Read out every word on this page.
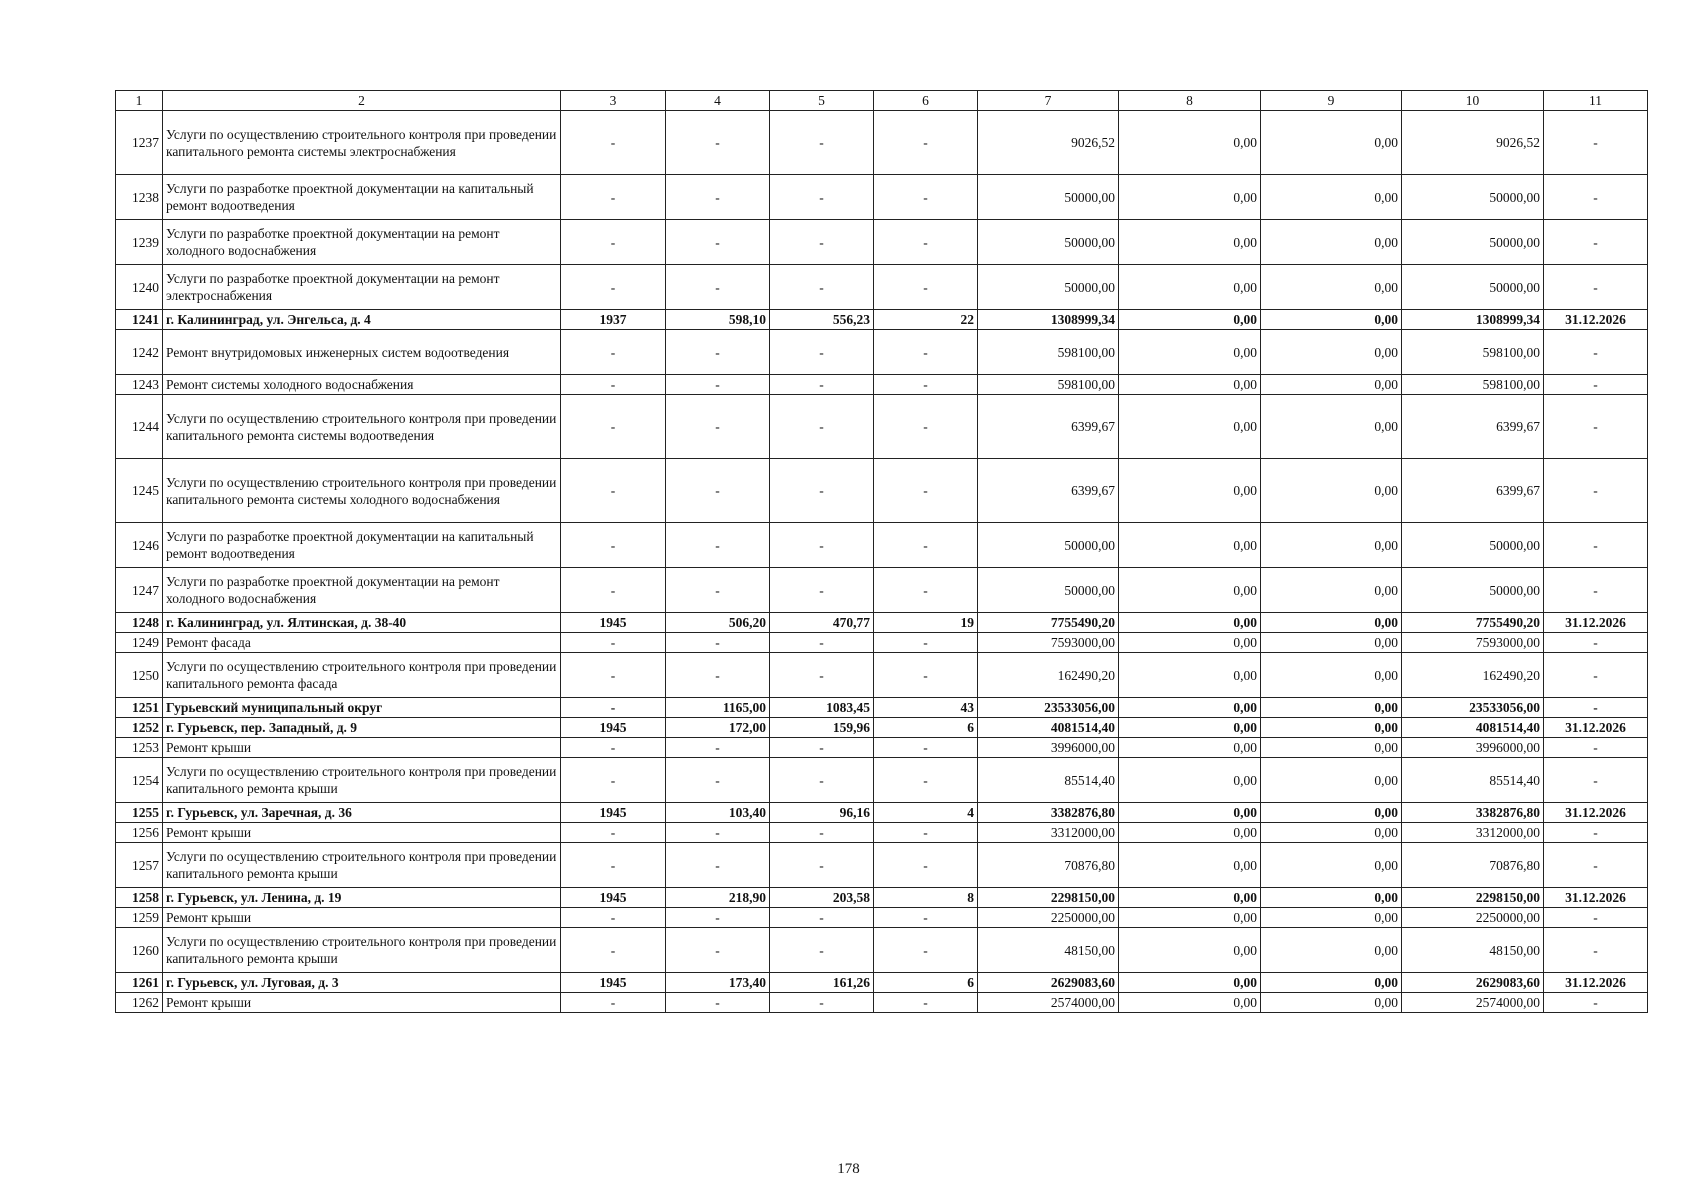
1	2	3	4	5	6	7	8	9	10	11
1237	Услуги по осуществлению строительного контроля при проведении капитального ремонта системы электроснабжения	-	-	-	-	9026,52	0,00	0,00	9026,52	-
1238	Услуги по разработке проектной документации на капитальный ремонт водоотведения	-	-	-	-	50000,00	0,00	0,00	50000,00	-
1239	Услуги по разработке проектной документации на ремонт холодного водоснабжения	-	-	-	-	50000,00	0,00	0,00	50000,00	-
1240	Услуги по разработке проектной документации на ремонт электроснабжения	-	-	-	-	50000,00	0,00	0,00	50000,00	-
1241	г. Калининград, ул. Энгельса, д. 4	1937	598,10	556,23	22	1308999,34	0,00	0,00	1308999,34	31.12.2026
1242	Ремонт внутридомовых инженерных систем водоотведения	-	-	-	-	598100,00	0,00	0,00	598100,00	-
1243	Ремонт системы холодного водоснабжения	-	-	-	-	598100,00	0,00	0,00	598100,00	-
1244	Услуги по осуществлению строительного контроля при проведении капитального ремонта системы водоотведения	-	-	-	-	6399,67	0,00	0,00	6399,67	-
1245	Услуги по осуществлению строительного контроля при проведении капитального ремонта системы холодного водоснабжения	-	-	-	-	6399,67	0,00	0,00	6399,67	-
1246	Услуги по разработке проектной документации на капитальный ремонт водоотведения	-	-	-	-	50000,00	0,00	0,00	50000,00	-
1247	Услуги по разработке проектной документации на ремонт холодного водоснабжения	-	-	-	-	50000,00	0,00	0,00	50000,00	-
1248	г. Калининград, ул. Ялтинская, д. 38-40	1945	506,20	470,77	19	7755490,20	0,00	0,00	7755490,20	31.12.2026
1249	Ремонт фасада	-	-	-	-	7593000,00	0,00	0,00	7593000,00	-
1250	Услуги по осуществлению строительного контроля при проведении капитального ремонта фасада	-	-	-	-	162490,20	0,00	0,00	162490,20	-
1251	Гурьевский муниципальный округ	-	1165,00	1083,45	43	23533056,00	0,00	0,00	23533056,00	-
1252	г. Гурьевск, пер. Западный, д. 9	1945	172,00	159,96	6	4081514,40	0,00	0,00	4081514,40	31.12.2026
1253	Ремонт крыши	-	-	-	-	3996000,00	0,00	0,00	3996000,00	-
1254	Услуги по осуществлению строительного контроля при проведении капитального ремонта крыши	-	-	-	-	85514,40	0,00	0,00	85514,40	-
1255	г. Гурьевск, ул. Заречная, д. 36	1945	103,40	96,16	4	3382876,80	0,00	0,00	3382876,80	31.12.2026
1256	Ремонт крыши	-	-	-	-	3312000,00	0,00	0,00	3312000,00	-
1257	Услуги по осуществлению строительного контроля при проведении капитального ремонта крыши	-	-	-	-	70876,80	0,00	0,00	70876,80	-
1258	г. Гурьевск, ул. Ленина, д. 19	1945	218,90	203,58	8	2298150,00	0,00	0,00	2298150,00	31.12.2026
1259	Ремонт крыши	-	-	-	-	2250000,00	0,00	0,00	2250000,00	-
1260	Услуги по осуществлению строительного контроля при проведении капитального ремонта крыши	-	-	-	-	48150,00	0,00	0,00	48150,00	-
1261	г. Гурьевск, ул. Луговая, д. 3	1945	173,40	161,26	6	2629083,60	0,00	0,00	2629083,60	31.12.2026
1262	Ремонт крыши	-	-	-	-	2574000,00	0,00	0,00	2574000,00	-
178
